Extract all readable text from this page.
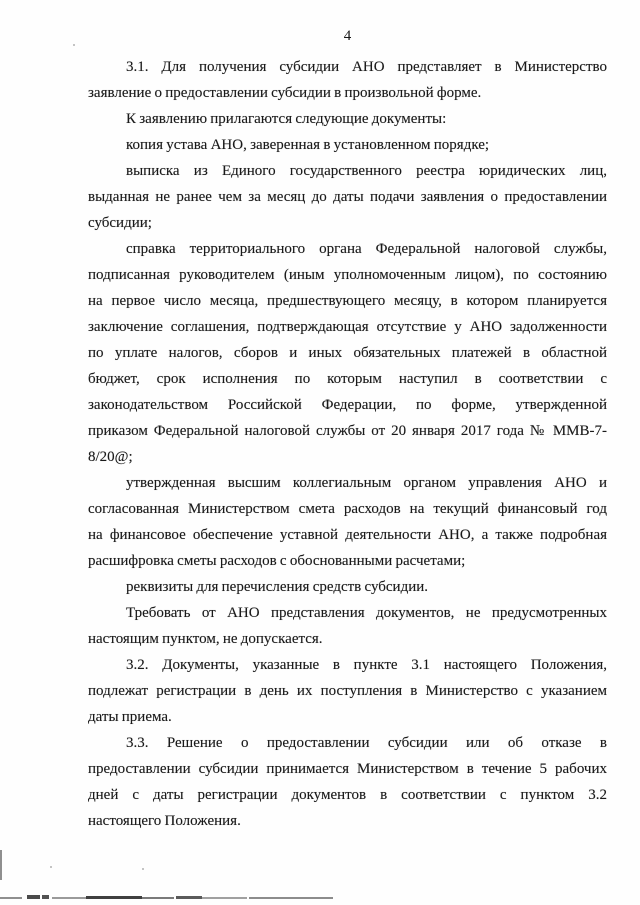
4
3.1. Для получения субсидии АНО представляет в Министерство
заявление о предоставлении субсидии в произвольной форме.
К заявлению прилагаются следующие документы:
копия устава АНО, заверенная в установленном порядке;
выписка из Единого государственного реестра юридических лиц,
выданная не ранее чем за месяц до даты подачи заявления о предоставлении
субсидии;
справка территориального органа Федеральной налоговой службы,
подписанная руководителем (иным уполномоченным лицом), по состоянию
на первое число месяца, предшествующего месяцу, в котором планируется
заключение соглашения, подтверждающая отсутствие у АНО задолженности
по уплате налогов, сборов и иных обязательных платежей в областной
бюджет, срок исполнения по которым наступил в соответствии с
законодательством Российской Федерации, по форме, утвержденной
приказом Федеральной налоговой службы от 20 января 2017 года № ММВ-7-
8/20@;
утвержденная высшим коллегиальным органом управления АНО и
согласованная Министерством смета расходов на текущий финансовый год
на финансовое обеспечение уставной деятельности АНО, а также подробная
расшифровка сметы расходов с обоснованными расчетами;
реквизиты для перечисления средств субсидии.
Требовать от АНО представления документов, не предусмотренных
настоящим пунктом, не допускается.
3.2. Документы, указанные в пункте 3.1 настоящего Положения,
подлежат регистрации в день их поступления в Министерство с указанием
даты приема.
3.3. Решение о предоставлении субсидии или об отказе в
предоставлении субсидии принимается Министерством в течение 5 рабочих
дней с даты регистрации документов в соответствии с пунктом 3.2
настоящего Положения.
